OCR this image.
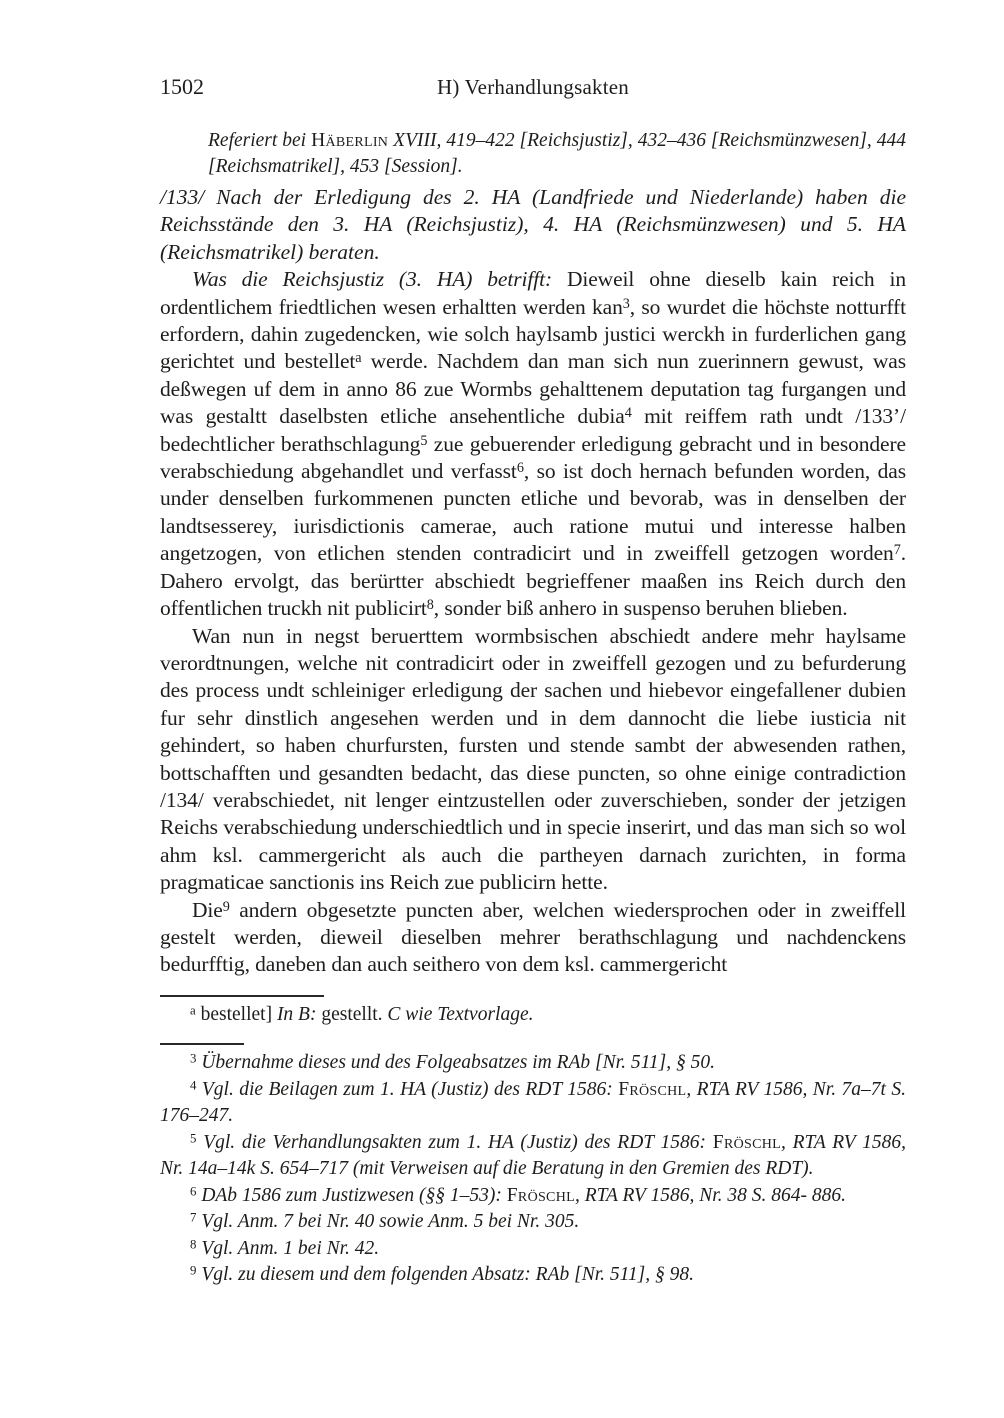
1502	H) Verhandlungsakten

Referiert bei Häberlin XVIII, 419–422 [Reichsjustiz], 432–436 [Reichsmünzwesen], 444 [Reichsmatrikel], 453 [Session].

/133/ Nach der Erledigung des 2. HA (Landfriede und Niederlande) haben die Reichsstände den 3. HA (Reichsjustiz), 4. HA (Reichsmünzwesen) und 5. HA (Reichsmatrikel) beraten.

Was die Reichsjustiz (3. HA) betrifft: Dieweil ohne dieselb kain reich in ordentlichem friedtlichen wesen erhaltten werden kan$^3$, so wurdet die höchste notturfft erfordern, dahin zugedencken, wie solch haylsamb justici werckh in furderlichen gang gerichtet und bestellet$^a$ werde. Nachdem dan man sich nun zuerinnern gewust, was deßwegen uf dem in anno 86 zue Wormbs gehalttenem deputation tag furgangen und was gestaltt daselbsten etliche ansehentliche dubia$^4$ mit reiffem rath undt /133’/ bedechtlicher berathschlagung$^5$ zue gebuerender erledigung gebracht und in besondere verabschiedung abgehandlet und verfasst$^6$, so ist doch hernach befunden worden, das under denselben furkommenen puncten etliche und bevorab, was in denselben der landtsesserey, iurisdictionis camerae, auch ratione mutui und interesse halben angetzogen, von etlichen stenden contradicirt und in zweiffell getzogen worden$^7$. Dahero ervolgt, das berürtter abschiedt begrieffener maaßen ins Reich durch den offentlichen truckh nit publicirt$^8$, sonder biß anhero in suspenso beruhen blieben.

Wan nun in negst beruerttem wormbsischen abschiedt andere mehr haylsame verordtnungen, welche nit contradicirt oder in zweiffell gezogen und zu befurderung des process undt schleiniger erledigung der sachen und hiebevor eingefallener dubien fur sehr dinstlich angesehen werden und in dem dannocht die liebe iusticia nit gehindert, so haben churfursten, fursten und stende sambt der abwesenden rathen, bottschafften und gesandten bedacht, das diese puncten, so ohne einige contradiction /134/ verabschiedet, nit lenger eintzustellen oder zuverschieben, sonder der jetzigen Reichs verabschiedung underschiedtlich und in specie inserirt, und das man sich so wol ahm ksl. cammergericht als auch die partheyen darnach zurichten, in forma pragmaticae sanctionis ins Reich zue publicirn hette.

Die$^9$ andern obgesetzte puncten aber, welchen wiedersprochen oder in zweiffell gestelt werden, dieweil dieselben mehrer berathschlagung und nachdenckens bedurfftig, daneben dan auch seithero von dem ksl. cammergericht

$^a$ bestellet] In B: gestellt. C wie Textvorlage.

$^3$ Übernahme dieses und des Folgeabsatzes im RAb [Nr. 511], § 50.

$^4$ Vgl. die Beilagen zum 1. HA (Justiz) des RDT 1586: Fröschl, RTA RV 1586, Nr. 7a–7t S. 176–247.

$^5$ Vgl. die Verhandlungsakten zum 1. HA (Justiz) des RDT 1586: Fröschl, RTA RV 1586, Nr. 14a–14k S. 654–717 (mit Verweisen auf die Beratung in den Gremien des RDT).

$^6$ DAb 1586 zum Justizwesen (§§ 1–53): Fröschl, RTA RV 1586, Nr. 38 S. 864- 886.

$^7$ Vgl. Anm. 7 bei Nr. 40 sowie Anm. 5 bei Nr. 305.

$^8$ Vgl. Anm. 1 bei Nr. 42.

$^9$ Vgl. zu diesem und dem folgenden Absatz: RAb [Nr. 511], § 98.
